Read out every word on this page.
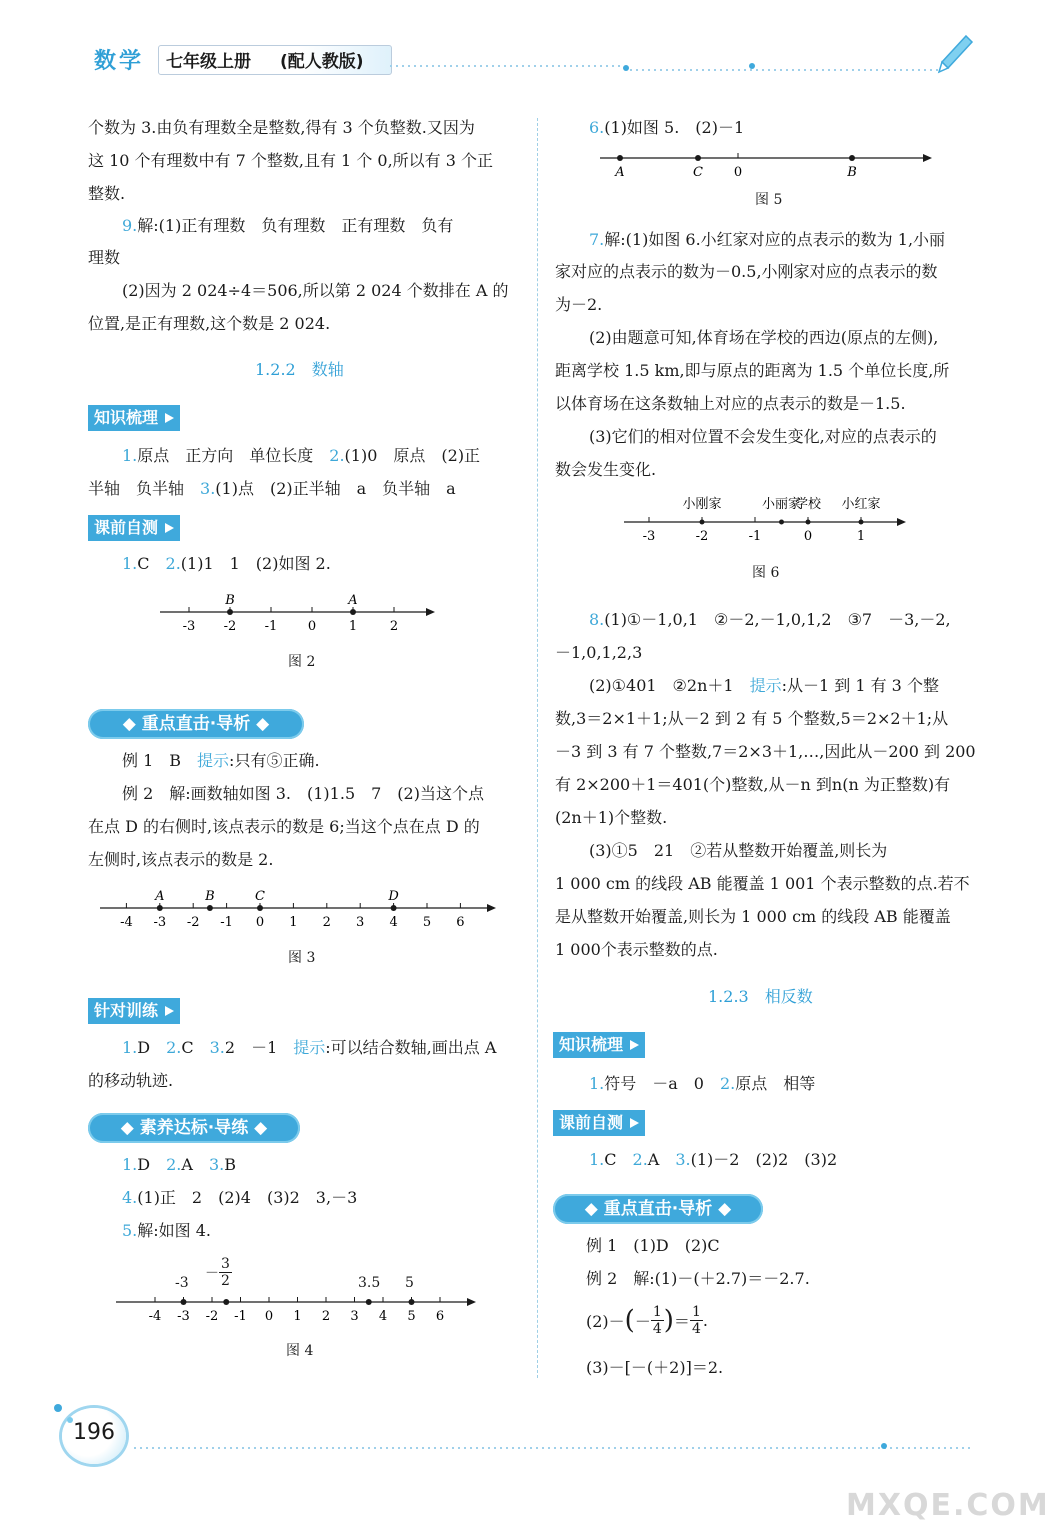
数学 七年级上册 (配人教版)
个数为 3.由负有理数全是整数,得有 3 个负整数.又因为
这 10 个有理数中有 7 个整数,且有 1 个 0,所以有 3 个正
整数.
9.解:(1)正有理数　负有理数　正有理数　负有
理数
(2)因为 2 024÷4＝506,所以第 2 024 个数排在 A 的
位置,是正有理数,这个数是 2 024.
1.2.2　数轴
知识梳理
1.原点　正方向　单位长度　2.(1)0　原点　(2)正
半轴　负半轴　3.(1)点　(2)正半轴　a　负半轴　a
课前自测
1.C　2.(1)1　1　(2)如图 2.
-3 -2 -1 0	1	2
B	A
图 2
◆ 重点直击·导析 ◆
例 1　B　提示:只有⑤正确.
例 2　解:画数轴如图 3.　(1)1.5　7　(2)当这个点
在点 D 的右侧时,该点表示的数是 6;当这个点在点 D 的
左侧时,该点表示的数是 2.
-4 -3 -2 -1 0 1 2 3 4 5 6
A	B	C	D
图 3
针对训练
1.D　2.C　3.2　－1　提示:可以结合数轴,画出点 A
的移动轨迹.
◆ 素养达标·导练 ◆
1.D　2.A　3.B
4.(1)正　2　(2)4　(3)2　3,－3
5.解:如图 4.
－ $\frac{3}{2}$
-3	3.5 5
-4 -3 -2 -1 0 1 2 3 4 5 6
图 4
6.(1)如图 5.　(2)－1
A	C 0	B
图 5
7.解:(1)如图 6.小红家对应的点表示的数为 1,小丽
家对应的点表示的数为－0.5,小刚家对应的点表示的数
为－2.
(2)由题意可知,体育场在学校的西边(原点的左侧),
距离学校 1.5 km,即与原点的距离为 1.5 个单位长度,所
以体育场在这条数轴上对应的点表示的数是－1.5.
(3)它们的相对位置不会发生变化,对应的点表示的
数会发生变化.
-3	-2	-1	0	1
小刚家	小丽家
学校 小红家
图 6
8.(1)①－1,0,1　②－2,－1,0,1,2　③7　－3,－2,
－1,0,1,2,3
(2)①401　②2n＋1　提示:从－1 到 1 有 3 个整
数,3＝2×1＋1;从－2 到 2 有 5 个整数,5＝2×2＋1;从
－3 到 3 有 7 个整数,7＝2×3＋1,…,因此从－200 到 200
有 2×200＋1＝401(个)整数,从－n 到n(n 为正整数)有
(2n＋1)个整数.
(3)①5　21　②若从整数开始覆盖,则长为
1 000 cm 的线段 AB 能覆盖 1 001 个表示整数的点.若不
是从整数开始覆盖,则长为 1 000 cm 的线段 AB 能覆盖
1 000个表示整数的点.
1.2.3　相反数
知识梳理
1.符号　－a　0　2.原点　相等
课前自测
1.C　2.A　3.(1)－2　(2)2　(3)2
◆ 重点直击·导析 ◆
例 1　(1)D　(2)C
例 2　解:(1)－(＋2.7)＝－2.7.
$(2)-(- \frac{1}{4}$ )＝ $\frac{1}{4}$ .
(3)－[－(＋2)]＝2.
196
MXQE.COM
